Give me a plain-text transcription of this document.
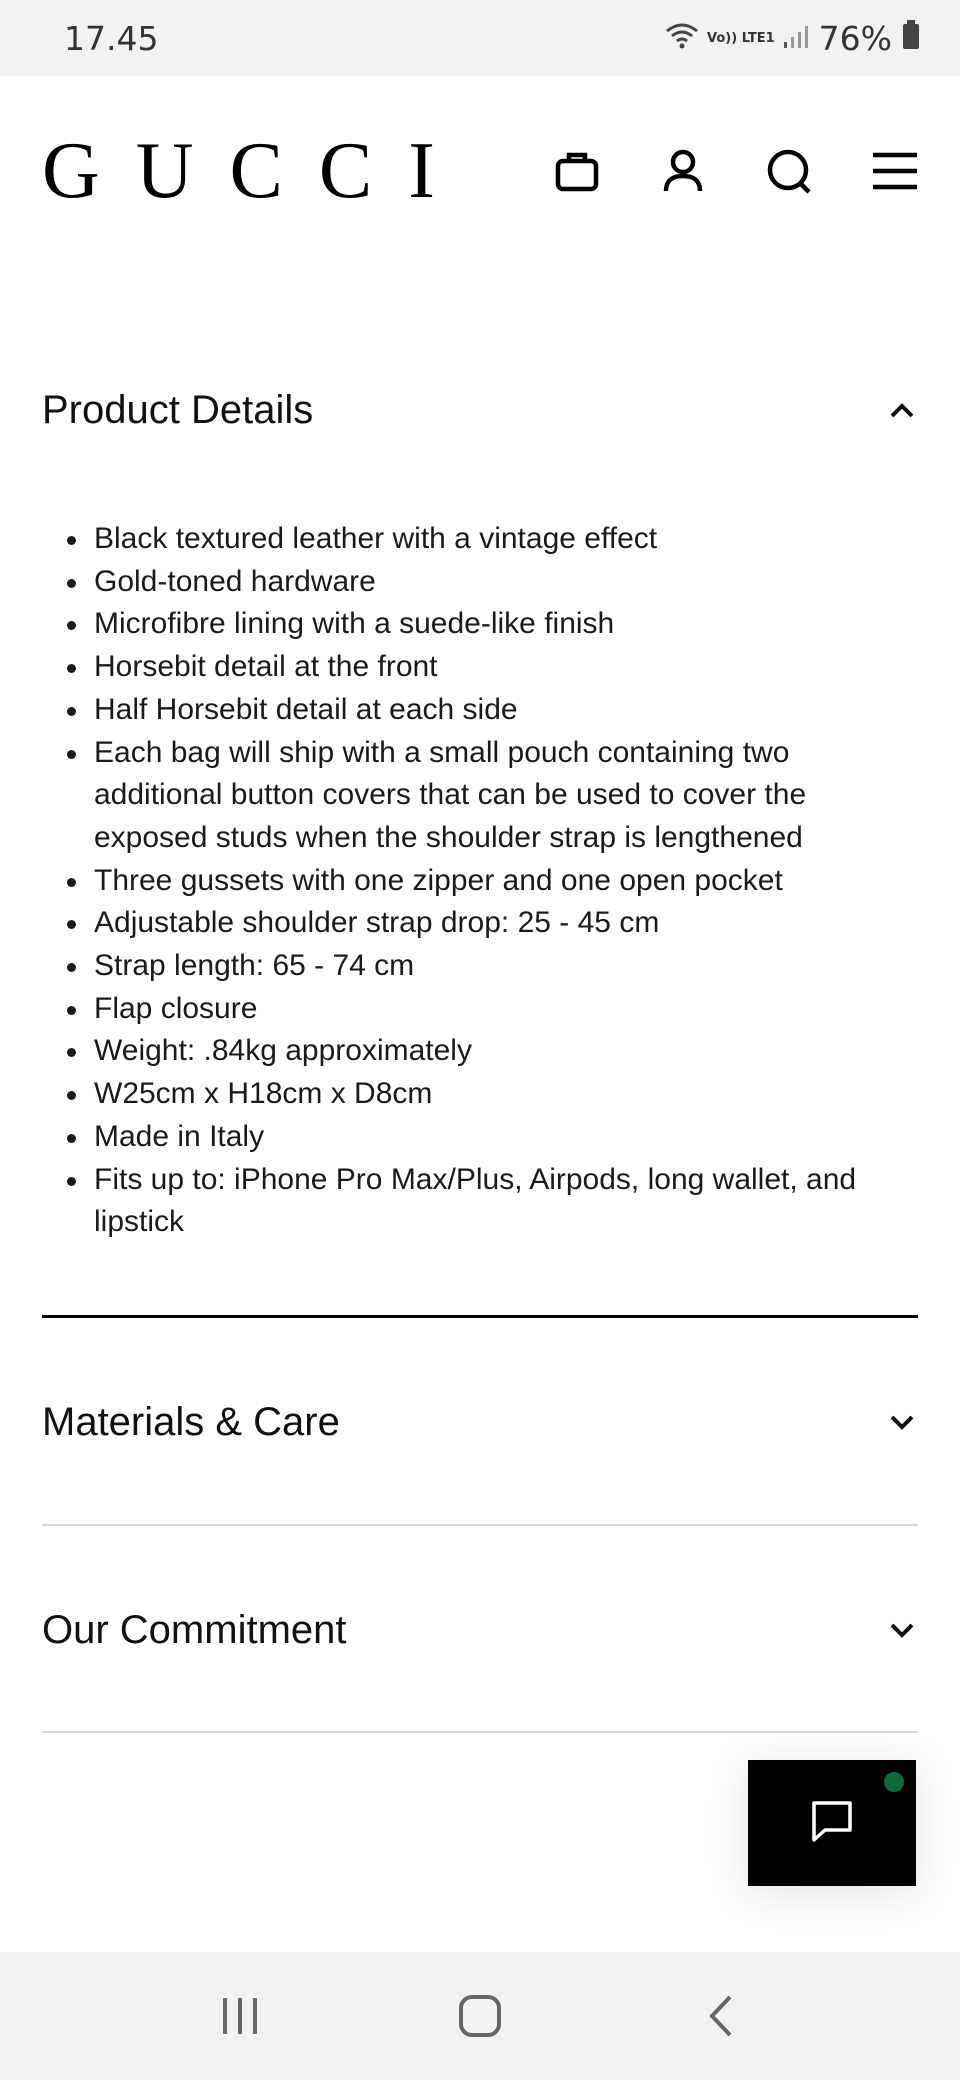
17.45	Vo)) LTE1 76%
GUCCI
Product Details
Black textured leather with a vintage effect
Gold-toned hardware
Microfibre lining with a suede-like finish
Horsebit detail at the front
Half Horsebit detail at each side
Each bag will ship with a small pouch containing two additional button covers that can be used to cover the exposed studs when the shoulder strap is lengthened
Three gussets with one zipper and one open pocket
Adjustable shoulder strap drop: 25 - 45 cm
Strap length: 65 - 74 cm
Flap closure
Weight: .84kg approximately
W25cm x H18cm x D8cm
Made in Italy
Fits up to: iPhone Pro Max/Plus, Airpods, long wallet, and lipstick
Materials & Care
Our Commitment
